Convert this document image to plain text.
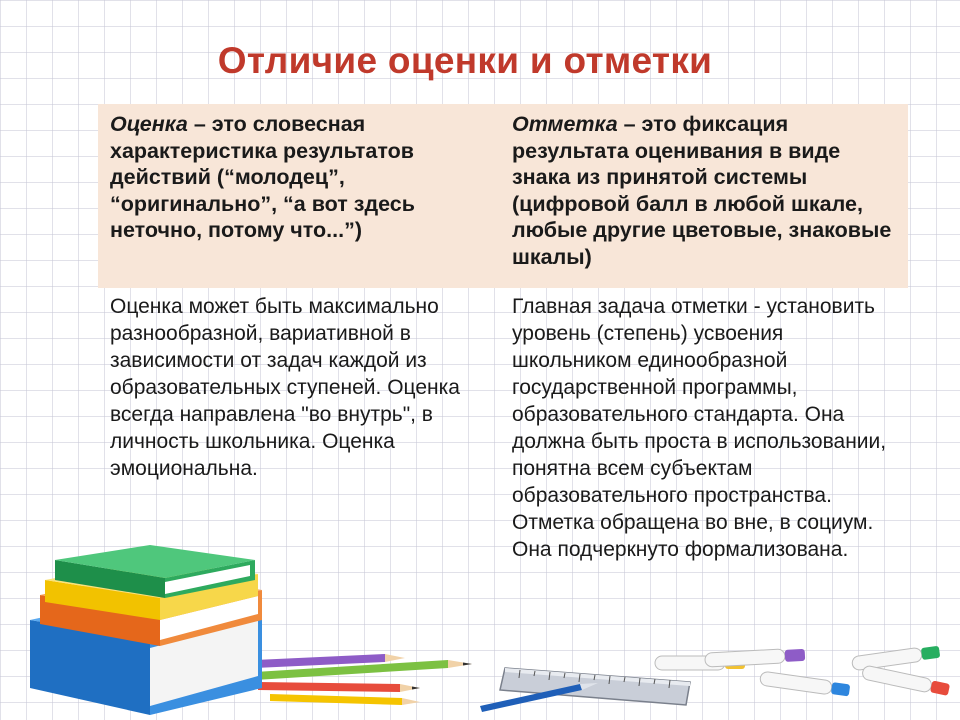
Отличие оценки и отметки
Оценка – это словесная характеристика результатов действий (“молодец”, “оригинально”, “а вот здесь неточно, потому что...”)
Отметка – это фиксация результата оценивания в виде знака из принятой системы (цифровой балл в любой шкале, любые другие цветовые, знаковые шкалы)
Оценка может быть максимально разнообразной, вариативной в зависимости от задач каждой из образовательных ступеней. Оценка всегда направлена "во внутрь", в личность школьника. Оценка эмоциональна.
Главная задача отметки - установить уровень (степень) усвоения школьником единообразной государственной программы, образовательного стандарта. Она должна быть проста в использовании, понятна всем субъектам образовательного пространства. Отметка обращена во вне, в социум. Она подчеркнуто формализована.
